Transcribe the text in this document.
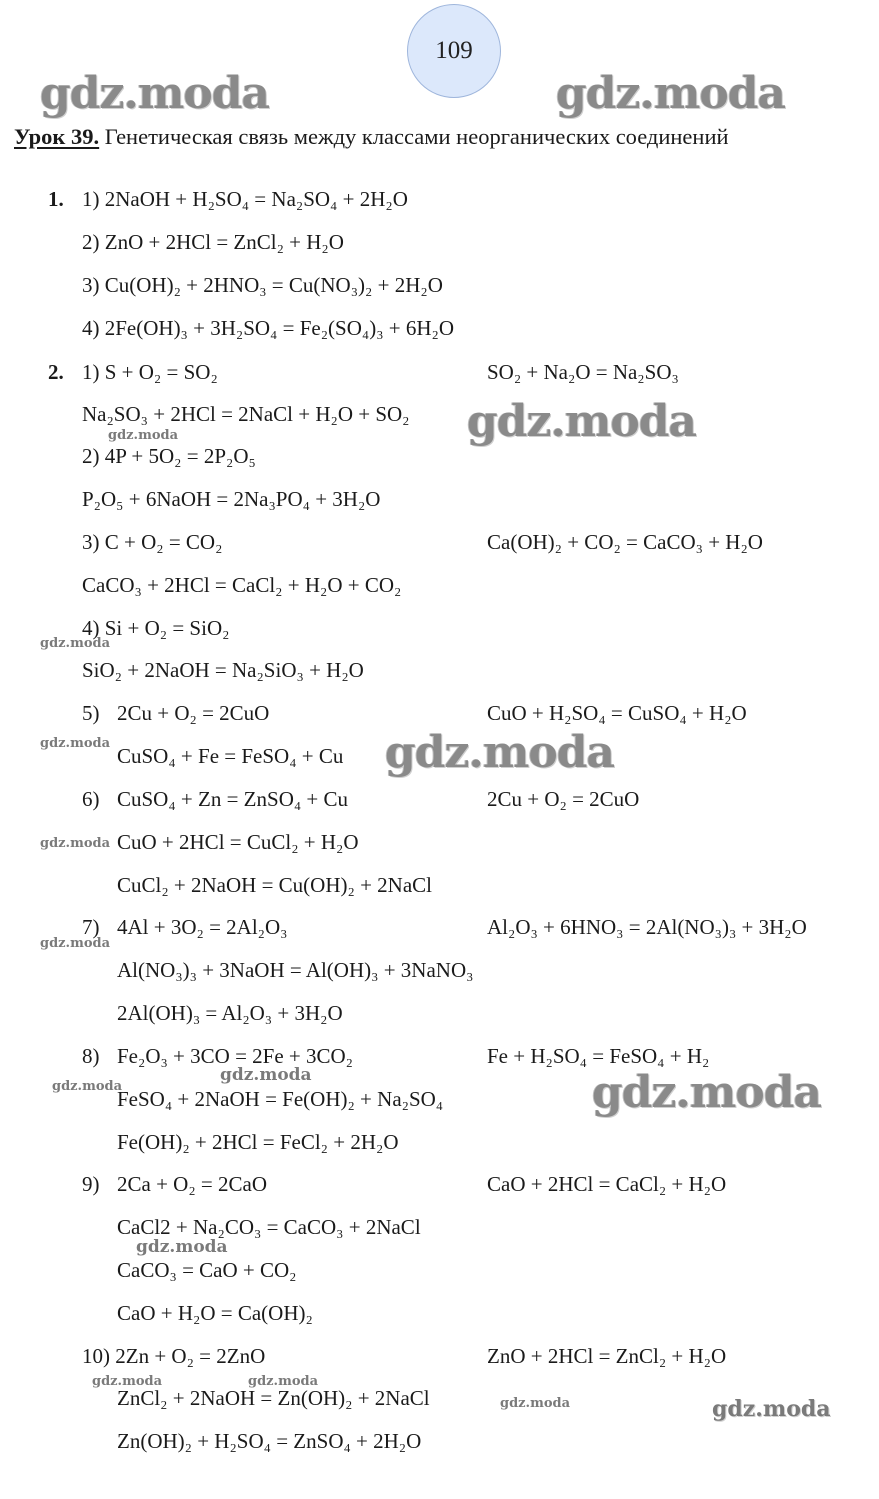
109
gdz.moda	gdz.moda
gdz.moda
gdz.moda
gdz.moda
gdz.moda
gdz.moda
gdz.moda
gdz.moda
gdz.moda
gdz.moda
gdz.moda
gdz.moda
gdz.moda	gdz.moda
gdz.moda	gdz.moda
Урок 39. Генетическая связь между классами неорганических соединений
1. 1) 2NaOH + H₂SO₄ = Na₂SO₄ + 2H₂O
2) ZnO + 2HCl = ZnCl₂ + H₂O
3) Cu(OH)₂ + 2HNO₃ = Cu(NO₃)₂ + 2H₂O
4) 2Fe(OH)₃ + 3H₂SO₄ = Fe₂(SO₄)₃ + 6H₂O
2. 1) S + O₂ = SO₂	SO₂ + Na₂O = Na₂SO₃
Na₂SO₃ + 2HCl = 2NaCl + H₂O + SO₂
2) 4P + 5O₂ = 2P₂O₅
P₂O₅ + 6NaOH = 2Na₃PO₄ + 3H₂O
3) C + O₂ = CO₂	Ca(OH)₂ + CO₂ = CaCO₃ + H₂O
CaCO₃ + 2HCl = CaCl₂ + H₂O + CO₂
4) Si + O₂ = SiO₂
SiO₂ + 2NaOH = Na₂SiO₃ + H₂O
5) 2Cu + O₂ = 2CuO	CuO + H₂SO₄ = CuSO₄ + H₂O
CuSO₄ + Fe = FeSO₄ + Cu
6) CuSO₄ + Zn = ZnSO₄ + Cu	2Cu + O₂ = 2CuO
CuO + 2HCl = CuCl₂ + H₂O
CuCl₂ + 2NaOH = Cu(OH)₂ + 2NaCl
7) 4Al + 3O₂ = 2Al₂O₃	Al₂O₃ + 6HNO₃ = 2Al(NO₃)₃ + 3H₂O
Al(NO₃)₃ + 3NaOH = Al(OH)₃ + 3NaNO₃
2Al(OH)₃ = Al₂O₃ + 3H₂O
8) Fe₂O₃ + 3CO = 2Fe + 3CO₂	Fe + H₂SO₄ = FeSO₄ + H₂
FeSO₄ + 2NaOH = Fe(OH)₂ + Na₂SO₄
Fe(OH)₂ + 2HCl = FeCl₂ + 2H₂O
9) 2Ca + O₂ = 2CaO	CaO + 2HCl = CaCl₂ + H₂O
CaCl2 + Na₂CO₃ = CaCO₃ + 2NaCl
CaCO₃ = CaO + CO₂
CaO + H₂O = Ca(OH)₂
10) 2Zn + O₂ = 2ZnO	ZnO + 2HCl = ZnCl₂ + H₂O
ZnCl₂ + 2NaOH = Zn(OH)₂ + 2NaCl
Zn(OH)₂ + H₂SO₄ = ZnSO₄ + 2H₂O
